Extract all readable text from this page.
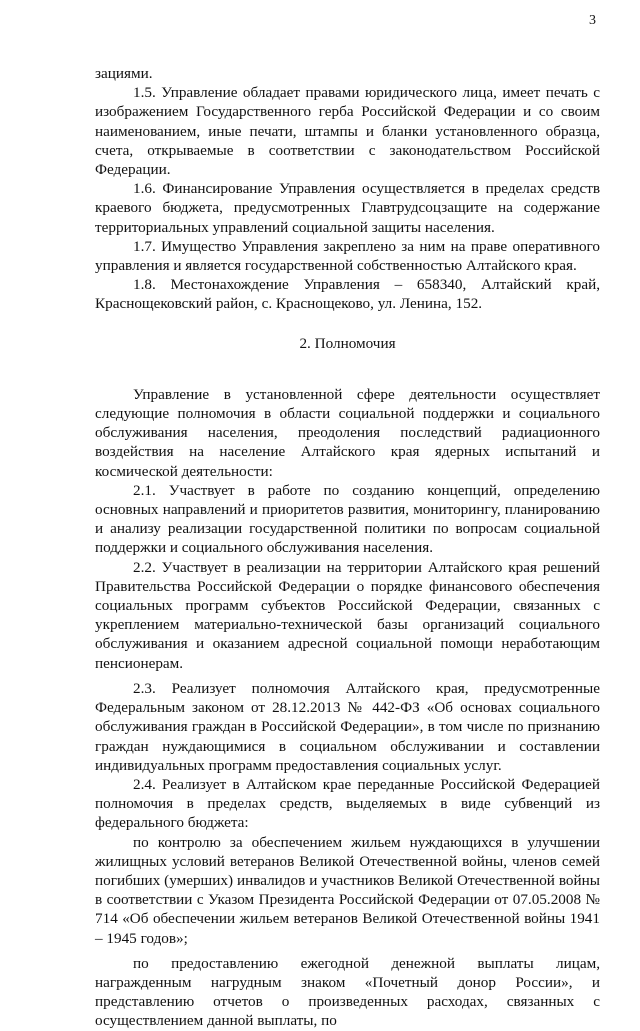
3

зациями.

1.5. Управление обладает правами юридического лица, имеет печать с изображением Государственного герба Российской Федерации и со своим наименованием, иные печати, штампы и бланки установленного образца, счета, открываемые в соответствии с законодательством Российской Федерации.

1.6. Финансирование Управления осуществляется в пределах средств краевого бюджета, предусмотренных Главтрудсоцзащите на содержание территориальных управлений социальной защиты населения.

1.7. Имущество Управления закреплено за ним на праве оперативного управления и является государственной собственностью Алтайского края.

1.8. Местонахождение Управления – 658340, Алтайский край, Краснощековский район, с. Краснощеково, ул. Ленина, 152.

2. Полномочия

Управление в установленной сфере деятельности осуществляет следующие полномочия в области социальной поддержки и социального обслуживания населения, преодоления последствий радиационного воздействия на население Алтайского края ядерных испытаний и космической деятельности:

2.1. Участвует в работе по созданию концепций, определению основных направлений и приоритетов развития, мониторингу, планированию и анализу реализации государственной политики по вопросам социальной поддержки и социального обслуживания населения.

2.2. Участвует в реализации на территории Алтайского края решений Правительства Российской Федерации о порядке финансового обеспечения социальных программ субъектов Российской Федерации, связанных с укреплением материально-технической базы организаций социального обслуживания и оказанием адресной социальной помощи неработающим пенсионерам.

2.3. Реализует полномочия Алтайского края, предусмотренные Федеральным законом от 28.12.2013 № 442-ФЗ «Об основах социального обслуживания граждан в Российской Федерации», в том числе по признанию граждан нуждающимися в социальном обслуживании и составлении индивидуальных программ предоставления социальных услуг.

2.4. Реализует в Алтайском крае переданные Российской Федерацией полномочия в пределах средств, выделяемых в виде субвенций из федерального бюджета:

по контролю за обеспечением жильем нуждающихся в улучшении жилищных условий ветеранов Великой Отечественной войны, членов семей погибших (умерших) инвалидов и участников Великой Отечественной войны в соответствии с Указом Президента Российской Федерации от 07.05.2008 № 714 «Об обеспечении жильем ветеранов Великой Отечественной войны 1941 – 1945 годов»;

по предоставлению ежегодной денежной выплаты лицам, награжденным нагрудным знаком «Почетный донор России», и представлению отчетов о произведенных расходах, связанных с осуществлением данной выплаты, по
